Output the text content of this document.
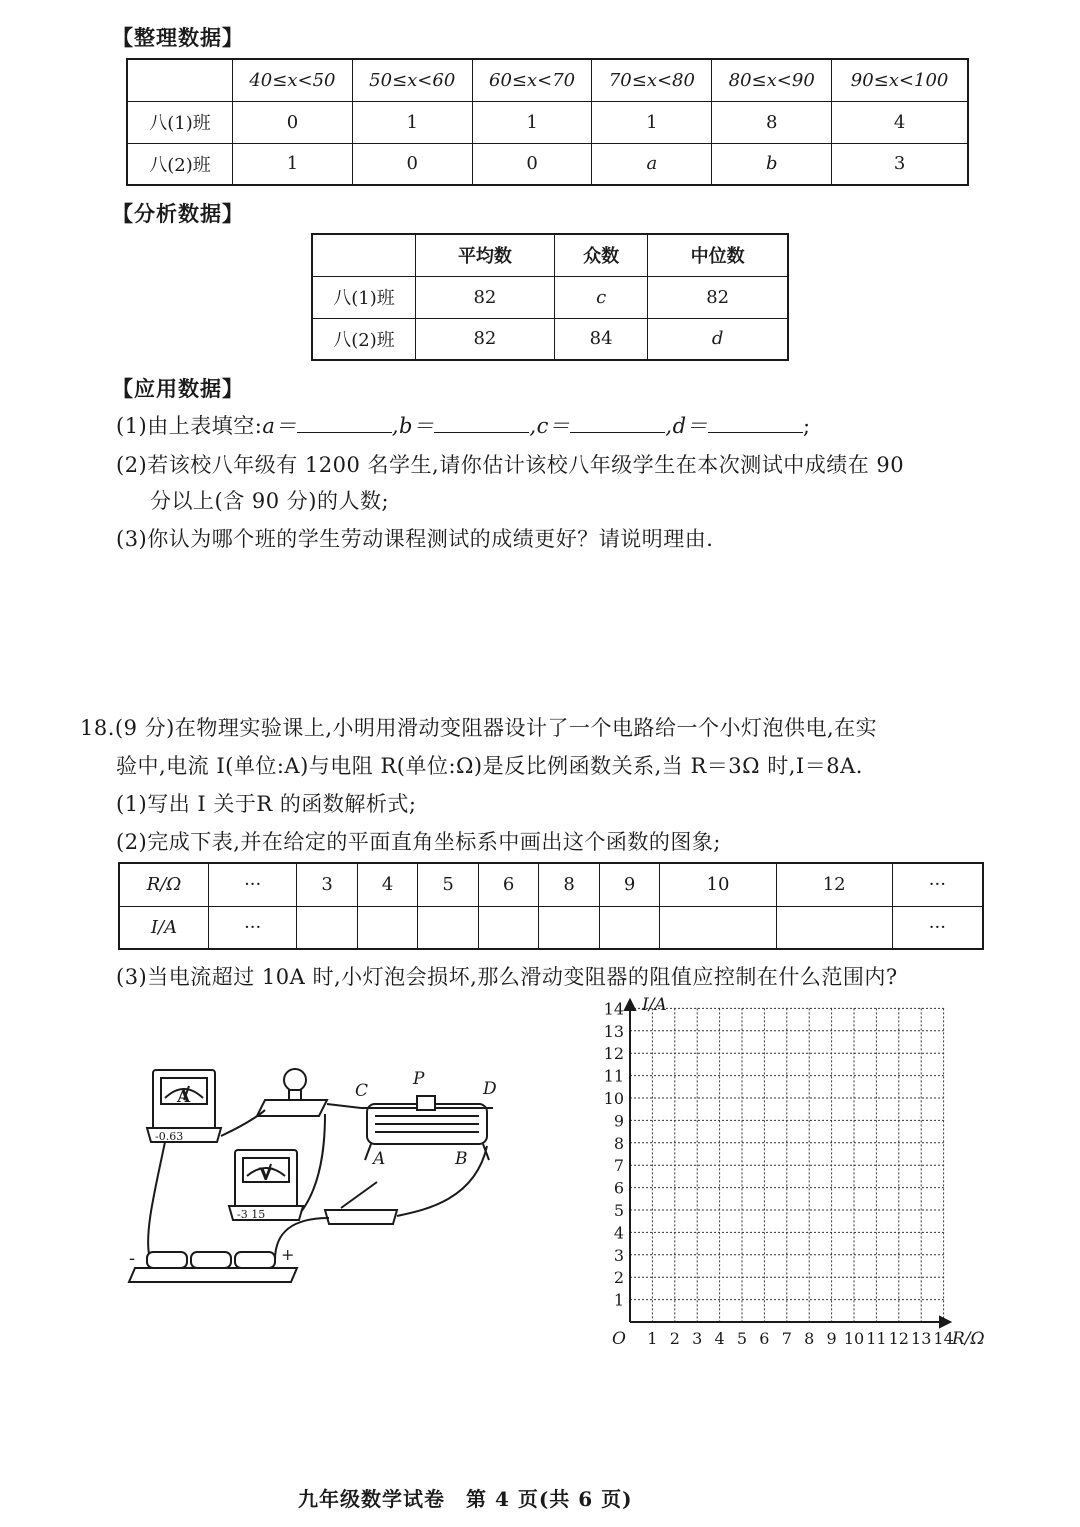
【整理数据】
	40≤x<50	50≤x<60	60≤x<70	70≤x<80	80≤x<90	90≤x<100
八(1)班	0	1	1	1	8	4
八(2)班	1	0	0	a	b	3
【分析数据】
	平均数	众数	中位数
八(1)班	82	c	82
八(2)班	82	84	d
【应用数据】
(1)由上表填空:a＝	,b＝	,c＝	,d＝	;
(2)若该校八年级有 1200 名学生,请你估计该校八年级学生在本次测试中成绩在 90
分以上(含 90 分)的人数;
(3)你认为哪个班的学生劳动课程测试的成绩更好？请说明理由.
18.(9 分)在物理实验课上,小明用滑动变阻器设计了一个电路给一个小灯泡供电,在实
验中,电流 I(单位:A)与电阻 R(单位:Ω)是反比例函数关系,当 R＝3Ω 时,I＝8A.
(1)写出 I 关于R 的函数解析式;
(2)完成下表,并在给定的平面直角坐标系中画出这个函数的图象;
R/Ω	···	3	4	5	6	8	9	10	12	···
I/A	···									···
(3)当电流超过 10A 时,小灯泡会损坏,那么滑动变阻器的阻值应控制在什么范围内?
A
-0.63
V
-3 15
C
P	D
A	B
-	+
1 2 3 4 5 6 7 8 9 10 11 12 13 14
1
2
3
4
5
6
7
8
9
10
11
12
13
14 I/A
R/Ω
O
九年级数学试卷　第 4 页(共 6 页)
